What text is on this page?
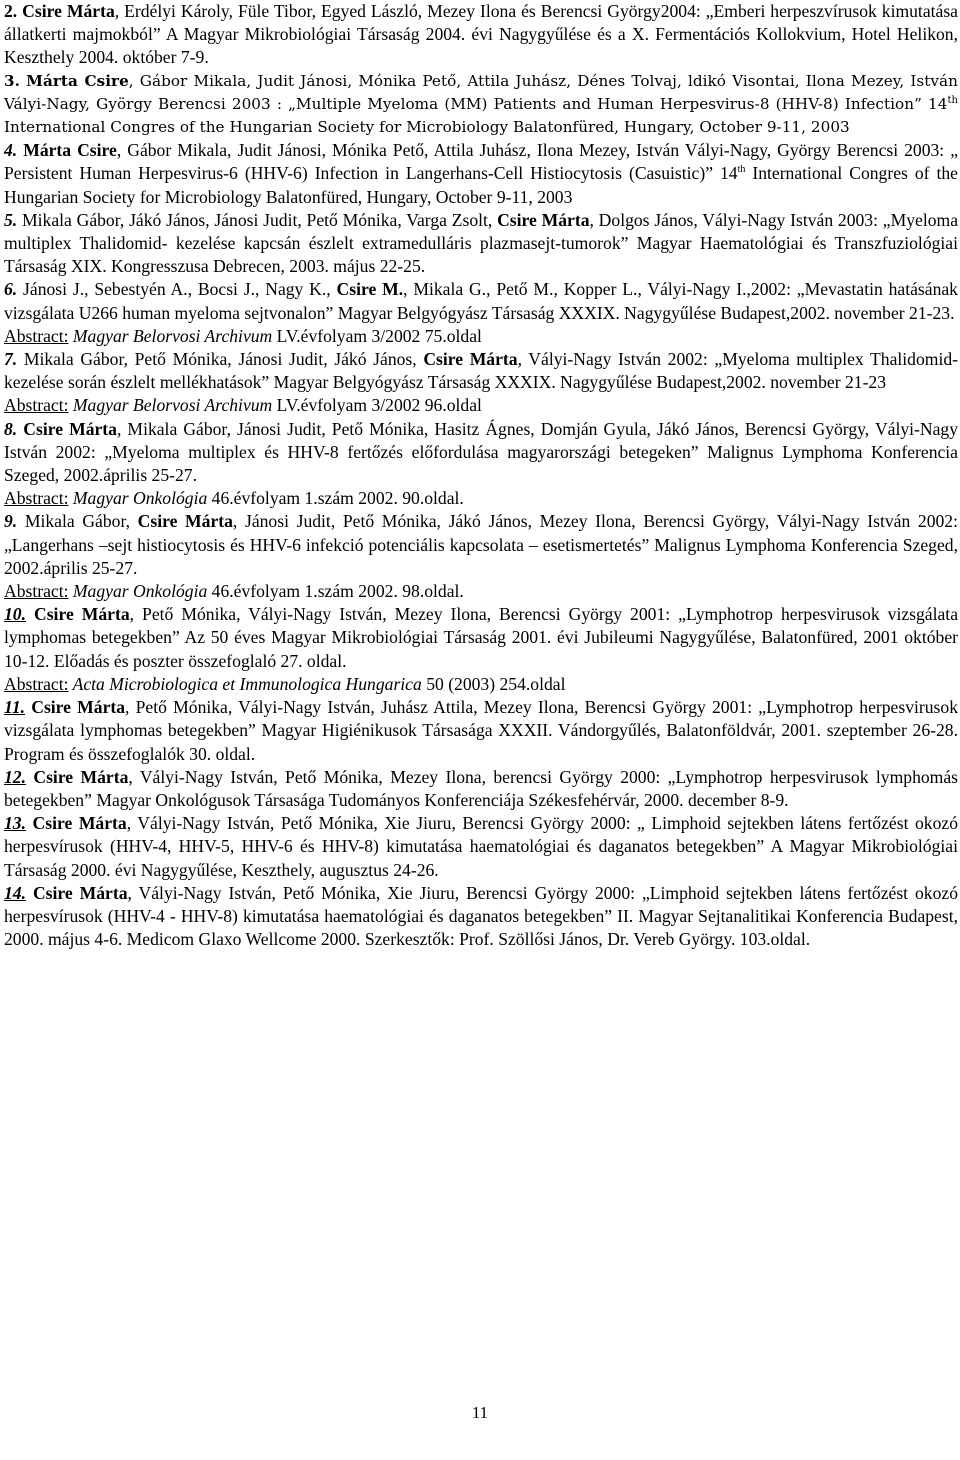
2. Csire Márta, Erdélyi Károly, Füle Tibor, Egyed László, Mezey Ilona és Berencsi György2004: „Emberi herpeszvírusok kimutatása állatkerti majmokból” A Magyar Mikrobiológiai Társaság 2004. évi Nagygyűlése és a X. Fermentációs Kollokvium, Hotel Helikon, Keszthely 2004. október 7-9.

3. Márta Csire, Gábor Mikala, Judit Jánosi, Mónika Pető, Attila Juhász, Dénes Tolvaj, ldikó Visontai, Ilona Mezey, István Vályi-Nagy, György Berencsi 2003 : „Multiple Myeloma (MM) Patients and Human Herpesvirus-8 (HHV-8) Infection” 14th International Congres of the Hungarian Society for Microbiology Balatonfüred, Hungary, October 9-11, 2003

4. Márta Csire, Gábor Mikala, Judit Jánosi, Mónika Pető, Attila Juhász, Ilona Mezey, István Vályi-Nagy, György Berencsi 2003: „ Persistent Human Herpesvirus-6 (HHV-6) Infection in Langerhans-Cell Histiocytosis (Casuistic)” 14th International Congres of the Hungarian Society for Microbiology Balatonfüred, Hungary, October 9-11, 2003

5. Mikala Gábor, Jákó János, Jánosi Judit, Pető Mónika, Varga Zsolt, Csire Márta, Dolgos János, Vályi-Nagy István 2003: „Myeloma multiplex Thalidomid- kezelése kapcsán észlelt extramedulláris plazmasejt-tumorok” Magyar Haematológiai és Transzfuziológiai Társaság XIX. Kongresszusa Debrecen, 2003. május 22-25.

6. Jánosi J., Sebestyén A., Bocsi J., Nagy K., Csire M., Mikala G., Pető M., Kopper L., Vályi-Nagy I.,2002: „Mevastatin hatásának vizsgálata U266 human myeloma sejtvonalon” Magyar Belgyógyász Társaság XXXIX. Nagygyűlése Budapest,2002. november 21-23.
Abstract: Magyar Belorvosi Archivum LV.évfolyam 3/2002 75.oldal

7. Mikala Gábor, Pető Mónika, Jánosi Judit, Jákó János, Csire Márta, Vályi-Nagy István 2002: „Myeloma multiplex Thalidomid-kezelése során észlelt mellékhatások” Magyar Belgyógyász Társaság XXXIX. Nagygyűlése Budapest,2002. november 21-23
Abstract: Magyar Belorvosi Archivum LV.évfolyam 3/2002 96.oldal

8. Csire Márta, Mikala Gábor, Jánosi Judit, Pető Mónika, Hasitz Ágnes, Domján Gyula, Jákó János, Berencsi György, Vályi-Nagy István 2002: „Myeloma multiplex és HHV-8 fertőzés előfordulása magyarországi betegeken” Malignus Lymphoma Konferencia Szeged, 2002.április 25-27.
Abstract: Magyar Onkológia 46.évfolyam 1.szám 2002. 90.oldal.

9. Mikala Gábor, Csire Márta, Jánosi Judit, Pető Mónika, Jákó János, Mezey Ilona, Berencsi György, Vályi-Nagy István 2002: „Langerhans –sejt histiocytosis és HHV-6 infekció potenciális kapcsolata – esetismertetés” Malignus Lymphoma Konferencia Szeged, 2002.április 25-27.
Abstract: Magyar Onkológia 46.évfolyam 1.szám 2002. 98.oldal.

10. Csire Márta, Pető Mónika, Vályi-Nagy István, Mezey Ilona, Berencsi György 2001: „Lymphotrop herpesvirusok vizsgálata lymphomas betegekben” Az 50 éves Magyar Mikrobiológiai Társaság 2001. évi Jubileumi Nagygyűlése, Balatonfüred, 2001 október 10-12. Előadás és poszter összefoglaló 27. oldal.
Abstract: Acta Microbiologica et Immunologica Hungarica 50 (2003) 254.oldal

11. Csire Márta, Pető Mónika, Vályi-Nagy István, Juhász Attila, Mezey Ilona, Berencsi György 2001: „Lymphotrop herpesvirusok vizsgálata lymphomas betegekben” Magyar Higiénikusok Társasága XXXII. Vándorgyűlés, Balatonföldvár, 2001. szeptember 26-28. Program és összefoglalók 30. oldal.

12. Csire Márta, Vályi-Nagy István, Pető Mónika, Mezey Ilona, berencsi György 2000: „Lymphotrop herpesvirusok lymphomás betegekben” Magyar Onkológusok Társasága Tudományos Konferenciája Székesfehérvár, 2000. december 8-9.

13. Csire Márta, Vályi-Nagy István, Pető Mónika, Xie Jiuru, Berencsi György 2000: „ Limphoid sejtekben látens fertőzést okozó herpesvírusok (HHV-4, HHV-5, HHV-6 és HHV-8) kimutatása haematológiai és daganatos betegekben” A Magyar Mikrobiológiai Társaság 2000. évi Nagygyűlése, Keszthely, augusztus 24-26.

14. Csire Márta, Vályi-Nagy István, Pető Mónika, Xie Jiuru, Berencsi György 2000: „Limphoid sejtekben látens fertőzést okozó herpesvírusok (HHV-4 - HHV-8) kimutatása haematológiai és daganatos betegekben” II. Magyar Sejtanalitikai Konferencia Budapest, 2000. május 4-6. Medicom Glaxo Wellcome 2000. Szerkesztők: Prof. Szöllősi János, Dr. Vereb György. 103.oldal.

11
